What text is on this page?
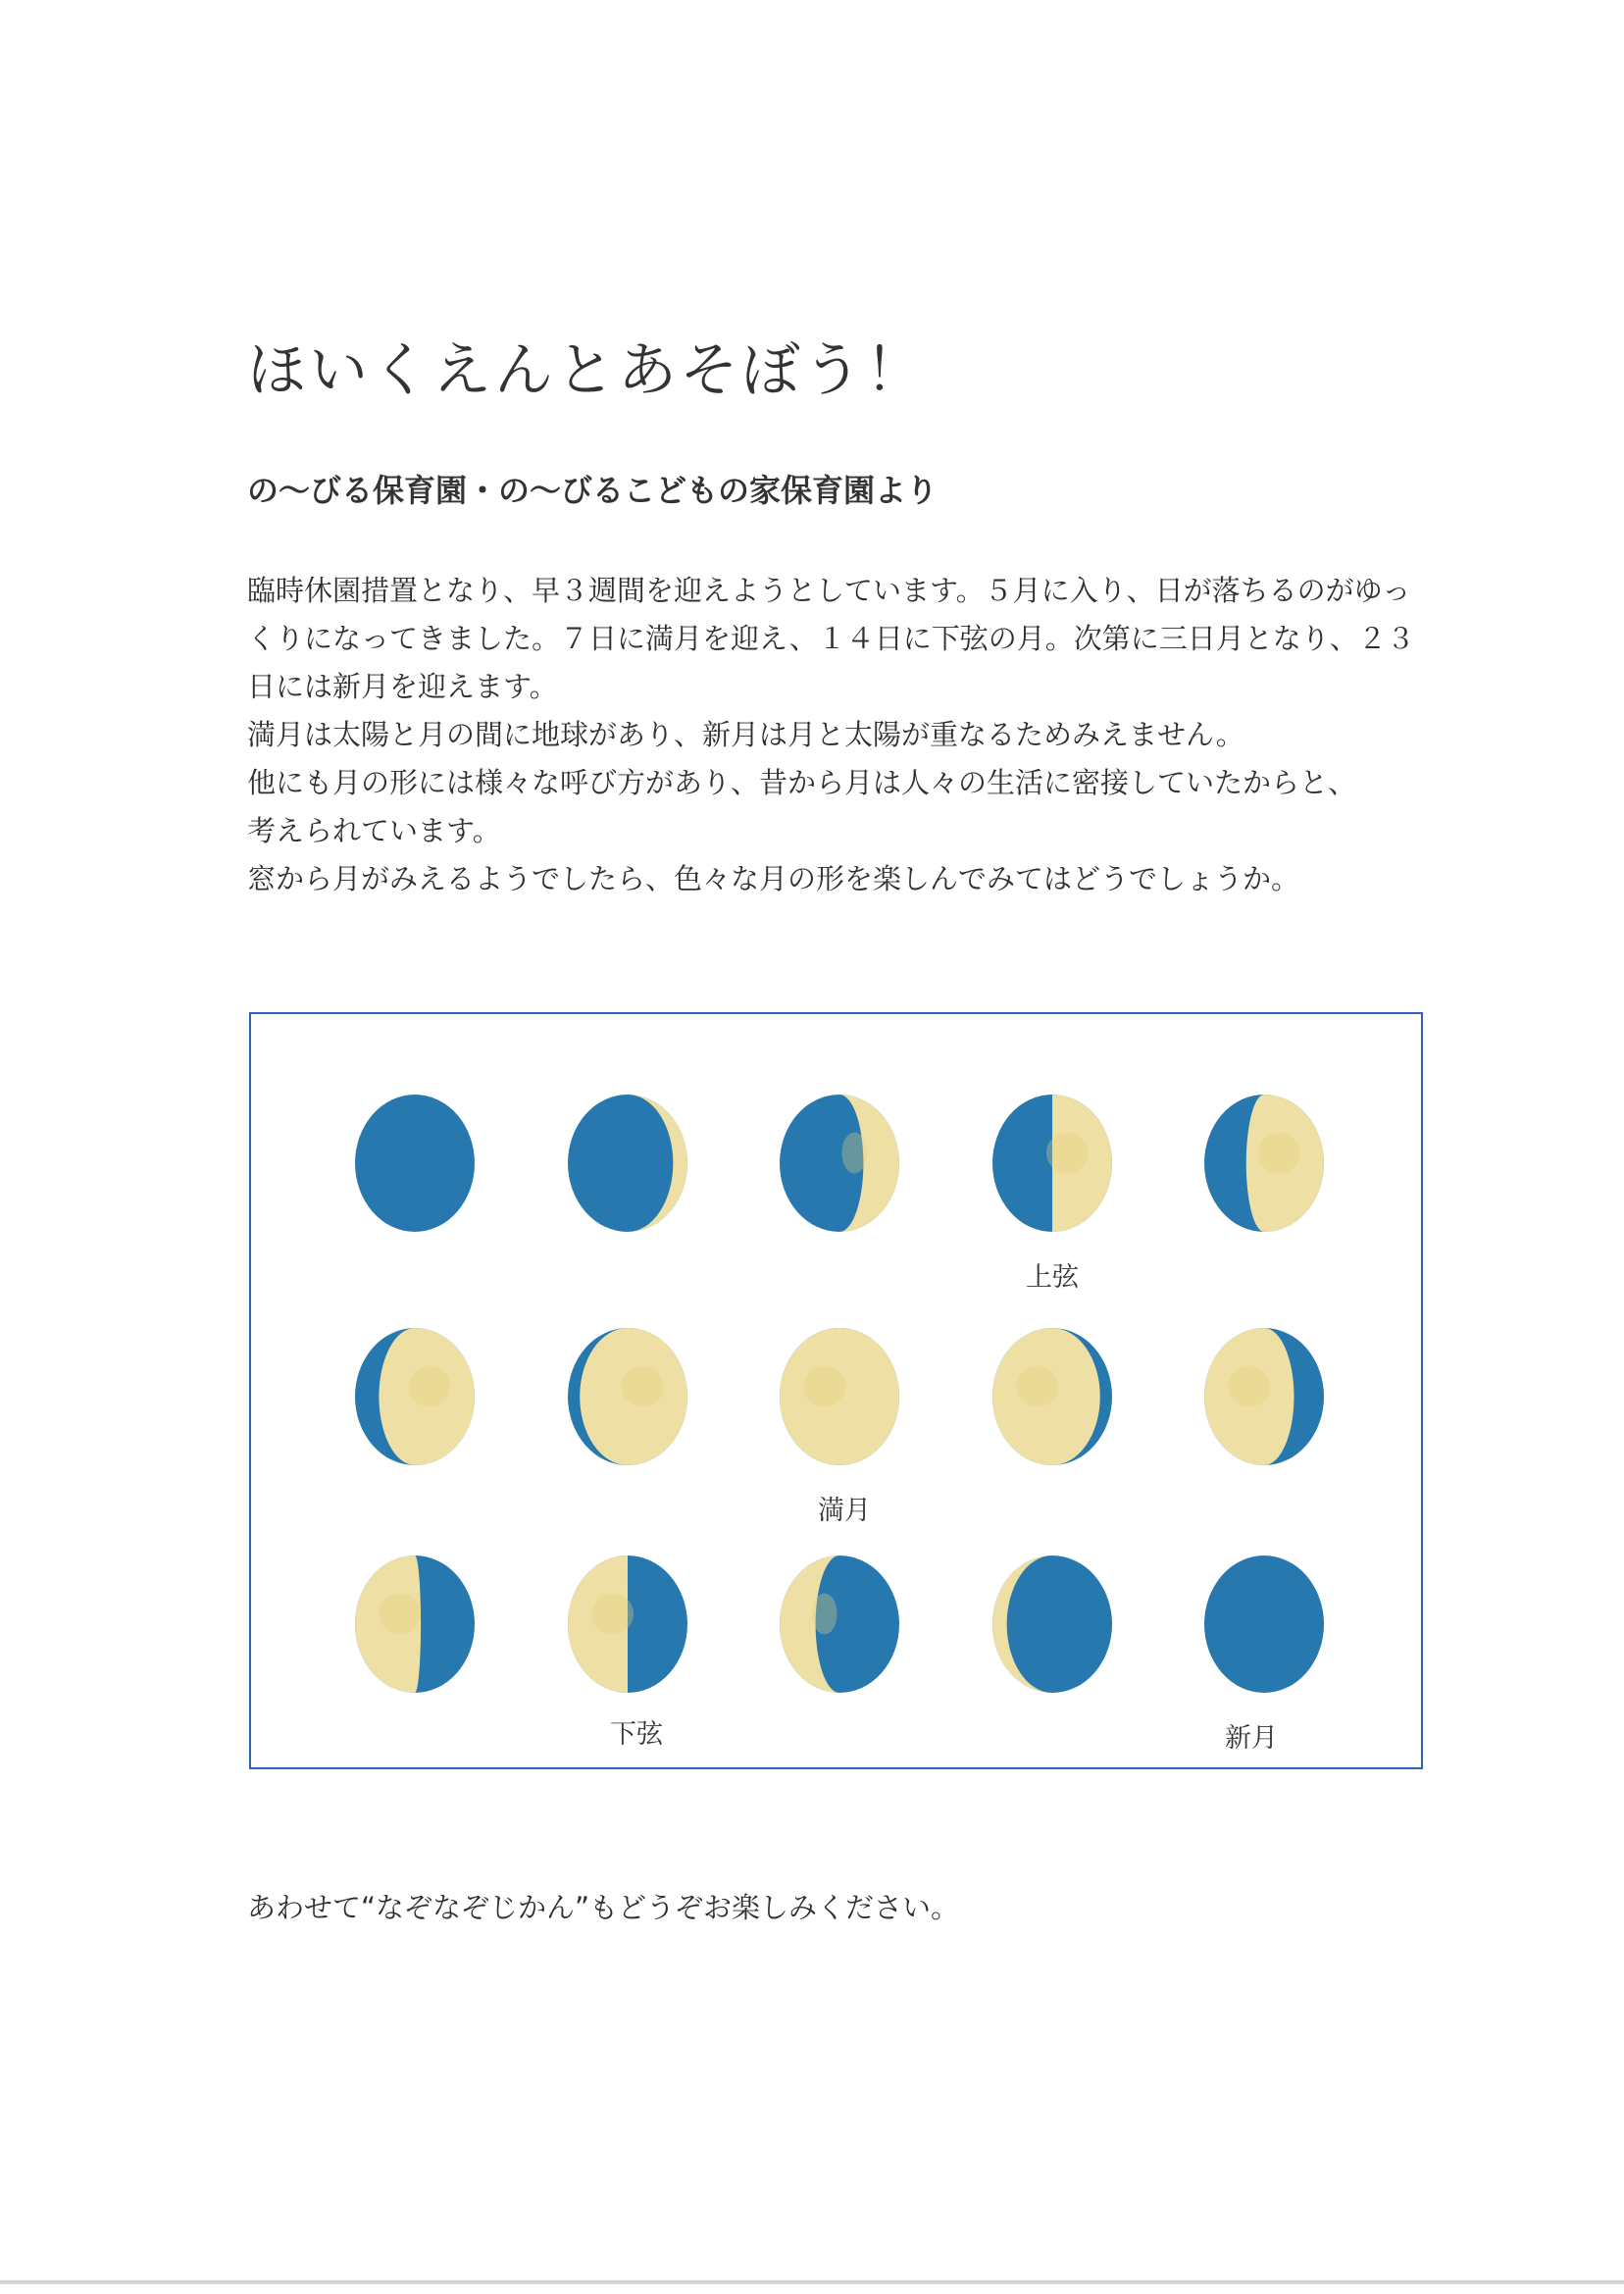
ほいくえんとあそぼう！
の～びる保育園・の～びるこどもの家保育園より

臨時休園措置となり、早３週間を迎えようとしています。５月に入り、日が落ちるのがゆっ

くりになってきました。７日に満月を迎え、１４日に下弦の月。次第に三日月となり、２３

日には新月を迎えます。

満月は太陽と月の間に地球があり、新月は月と太陽が重なるためみえません。

他にも月の形には様々な呼び方があり、昔から月は人々の生活に密接していたからと、

考えられています。

窓から月がみえるようでしたら、色々な月の形を楽しんでみてはどうでしょうか。

上弦
満月
下弦	新月

あわせて“なぞなぞじかん”もどうぞお楽しみください。
